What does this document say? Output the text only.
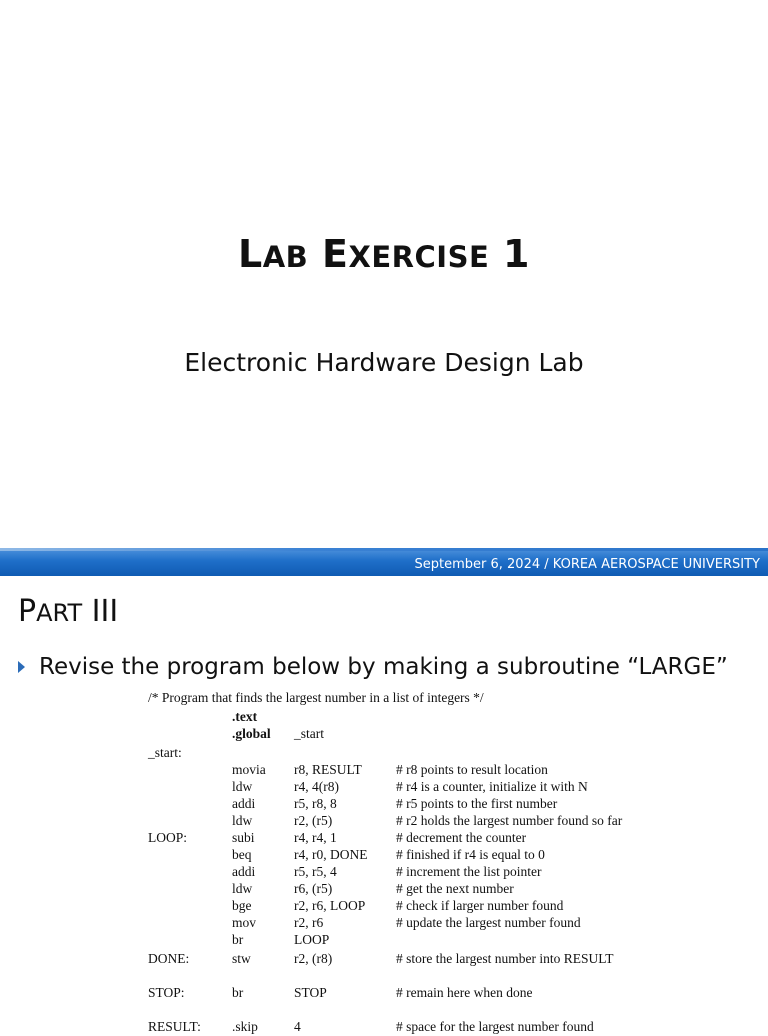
LAB EXERCISE 1
Electronic Hardware Design Lab
September 6, 2024 / KOREA AEROSPACE UNIVERSITY
PART III
Revise the program below by making a subroutine “LARGE”
/* Program that finds the largest number in a list of integers */
.text
.global _start
_start:
movia r8, RESULT	# r8 points to result location
ldw	r4, 4(r8)	# r4 is a counter, initialize it with N
addi	r5, r8, 8	# r5 points to the first number
ldw	r2, (r5)	# r2 holds the largest number found so far
LOOP:	subi	r4, r4, 1	# decrement the counter
beq	r4, r0, DONE # finished if r4 is equal to 0
addi	r5, r5, 4	# increment the list pointer
ldw	r6, (r5)	# get the next number
bge	r2, r6, LOOP # check if larger number found
mov	r2, r6	# update the largest number found
br	LOOP
DONE:	stw	r2, (r8)	# store the largest number into RESULT
STOP:	br	STOP	# remain here when done
RESULT: .skip	4	# space for the largest number found
